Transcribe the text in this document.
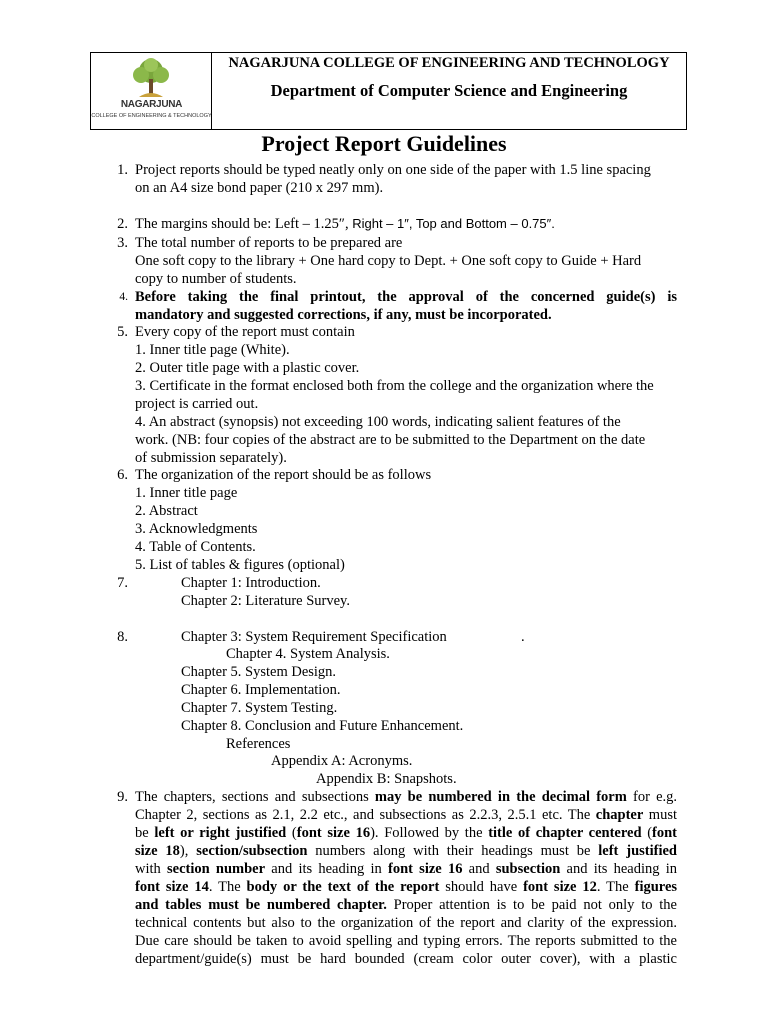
NAGARJUNA
COLLEGE OF ENGINEERING & TECHNOLOGY
NAGARJUNA COLLEGE OF ENGINEERING AND TECHNOLOGY
Department of Computer Science and Engineering
Project Report Guidelines
1. Project reports should be typed neatly only on one side of the paper with 1.5 line spacing
on an A4 size bond paper (210 x 297 mm).
2. The margins should be: Left – 1.25″, Right – 1″, Top and Bottom – 0.75″.
3. The total number of reports to be prepared are
One soft copy to the library + One hard copy to Dept. + One soft copy to Guide + Hard
copy to number of students.
4. Before taking the final printout, the approval of the concerned guide(s) is
mandatory and suggested corrections, if any, must be incorporated.
5. Every copy of the report must contain
1. Inner title page (White).
2. Outer title page with a plastic cover.
3. Certificate in the format enclosed both from the college and the organization where the
project is carried out.
4. An abstract (synopsis) not exceeding 100 words, indicating salient features of the
work. (NB: four copies of the abstract are to be submitted to the Department on the date
of submission separately).
6. The organization of the report should be as follows
1. Inner title page
2. Abstract
3. Acknowledgments
4. Table of Contents.
5. List of tables & figures (optional)
7.	Chapter 1: Introduction.
Chapter 2: Literature Survey.
8.	Chapter 3: System Requirement Specification	.
Chapter 4. System Analysis.
Chapter 5. System Design.
Chapter 6. Implementation.
Chapter 7. System Testing.
Chapter 8. Conclusion and Future Enhancement.
References
Appendix A: Acronyms.
Appendix B: Snapshots.
9. The chapters, sections and subsections may be numbered in the decimal form for e.g.
Chapter 2, sections as 2.1, 2.2 etc., and subsections as 2.2.3, 2.5.1 etc. The chapter must
be left or right justified (font size 16). Followed by the title of chapter centered (font
size 18), section/subsection numbers along with their headings must be left justified
with section number and its heading in font size 16 and subsection and its heading in
font size 14. The body or the text of the report should have font size 12. The figures
and tables must be numbered chapter. Proper attention is to be paid not only to the
technical contents but also to the organization of the report and clarity of the expression.
Due care should be taken to avoid spelling and typing errors. The reports submitted to the
department/guide(s) must be hard bounded (cream color outer cover), with a plastic
